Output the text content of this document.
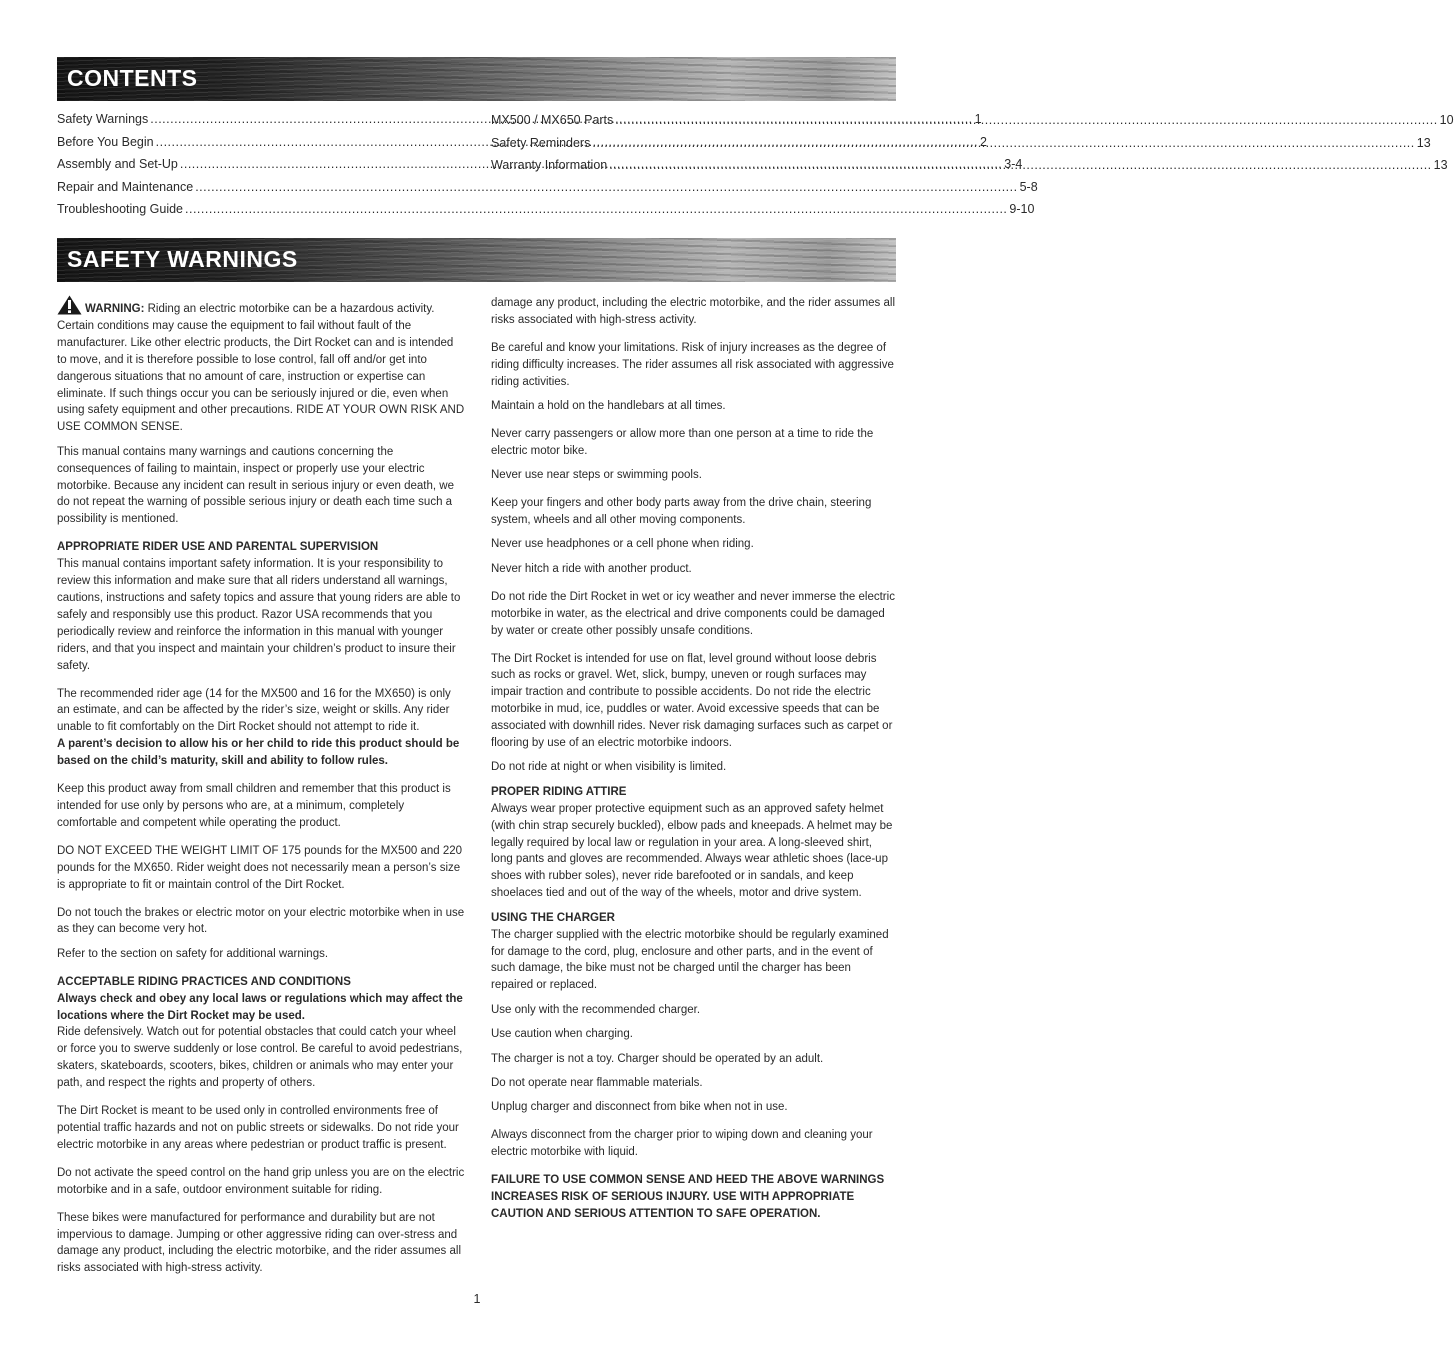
CONTENTS
Safety Warnings .....	1
Before You Begin .....	2
Assembly and Set-Up .....	3-4
Repair and Maintenance .....	5-8
Troubleshooting Guide .....	9-10
MX500 / MX650 Parts .....	10
Safety Reminders .....	13
Warranty Information .....	13
SAFETY WARNINGS

WARNING: Riding an electric motorbike can be a hazardous activity. Certain conditions may cause the equipment to fail without fault of the manufacturer. Like other electric products, the Dirt Rocket can and is intended to move, and it is therefore possible to lose control, fall off and/or get into dangerous situations that no amount of care, instruction or expertise can eliminate. If such things occur you can be seriously injured or die, even when using safety equipment and other precautions. RIDE AT YOUR OWN RISK AND USE COMMON SENSE.

This manual contains many warnings and cautions concerning the consequences of failing to maintain, inspect or properly use your electric motorbike. Because any incident can result in serious injury or even death, we do not repeat the warning of possible serious injury or death each time such a possibility is mentioned.

APPROPRIATE RIDER USE AND PARENTAL SUPERVISION

This manual contains important safety information. It is your responsibility to review this information and make sure that all riders understand all warnings, cautions, instructions and safety topics and assure that young riders are able to safely and responsibly use this product. Razor USA recommends that you periodically review and reinforce the information in this manual with younger riders, and that you inspect and maintain your children’s product to insure their safety.

The recommended rider age (14 for the MX500 and 16 for the MX650) is only an estimate, and can be affected by the rider’s size, weight or skills. Any rider unable to fit comfortably on the Dirt Rocket should not attempt to ride it.
A parent’s decision to allow his or her child to ride this product should be based on the child’s maturity, skill and ability to follow rules.

Keep this product away from small children and remember that this product is intended for use only by persons who are, at a minimum, completely comfortable and competent while operating the product.

DO NOT EXCEED THE WEIGHT LIMIT OF 175 pounds for the MX500 and 220 pounds for the MX650. Rider weight does not necessarily mean a person’s size is appropriate to fit or maintain control of the Dirt Rocket.

Do not touch the brakes or electric motor on your electric motorbike when in use as they can become very hot.

Refer to the section on safety for additional warnings.

ACCEPTABLE RIDING PRACTICES AND CONDITIONS

Always check and obey any local laws or regulations which may affect the locations where the Dirt Rocket may be used.
Ride defensively. Watch out for potential obstacles that could catch your wheel or force you to swerve suddenly or lose control. Be careful to avoid pedestrians, skaters, skateboards, scooters, bikes, children or animals who may enter your path, and respect the rights and property of others.

The Dirt Rocket is meant to be used only in controlled environments free of potential traffic hazards and not on public streets or sidewalks. Do not ride your electric motorbike in any areas where pedestrian or product traffic is present.

Do not activate the speed control on the hand grip unless you are on the electric motorbike and in a safe, outdoor environment suitable for riding.

These bikes were manufactured for performance and durability but are not impervious to damage. Jumping or other aggressive riding can over-stress and damage any product, including the electric motorbike, and the rider assumes all risks associated with high-stress activity.

damage any product, including the electric motorbike, and the rider assumes all risks associated with high-stress activity.

Be careful and know your limitations. Risk of injury increases as the degree of riding difficulty increases. The rider assumes all risk associated with aggressive riding activities.

Maintain a hold on the handlebars at all times.

Never carry passengers or allow more than one person at a time to ride the electric motor bike.

Never use near steps or swimming pools.

Keep your fingers and other body parts away from the drive chain, steering system, wheels and all other moving components.

Never use headphones or a cell phone when riding.

Never hitch a ride with another product.

Do not ride the Dirt Rocket in wet or icy weather and never immerse the electric motorbike in water, as the electrical and drive components could be damaged by water or create other possibly unsafe conditions.

The Dirt Rocket is intended for use on flat, level ground without loose debris such as rocks or gravel. Wet, slick, bumpy, uneven or rough surfaces may impair traction and contribute to possible accidents. Do not ride the electric motorbike in mud, ice, puddles or water. Avoid excessive speeds that can be associated with downhill rides. Never risk damaging surfaces such as carpet or flooring by use of an electric motorbike indoors.

Do not ride at night or when visibility is limited.

PROPER RIDING ATTIRE

Always wear proper protective equipment such as an approved safety helmet (with chin strap securely buckled), elbow pads and kneepads. A helmet may be legally required by local law or regulation in your area. A long-sleeved shirt, long pants and gloves are recommended. Always wear athletic shoes (lace-up shoes with rubber soles), never ride barefooted or in sandals, and keep shoelaces tied and out of the way of the wheels, motor and drive system.

USING THE CHARGER

The charger supplied with the electric motorbike should be regularly examined for damage to the cord, plug, enclosure and other parts, and in the event of such damage, the bike must not be charged until the charger has been repaired or replaced.

Use only with the recommended charger.

Use caution when charging.

The charger is not a toy. Charger should be operated by an adult.

Do not operate near flammable materials.

Unplug charger and disconnect from bike when not in use.

Always disconnect from the charger prior to wiping down and cleaning your electric motorbike with liquid.

FAILURE TO USE COMMON SENSE AND HEED THE ABOVE WARNINGS INCREASES RISK OF SERIOUS INJURY. USE WITH APPROPRIATE CAUTION AND SERIOUS ATTENTION TO SAFE OPERATION.

1
